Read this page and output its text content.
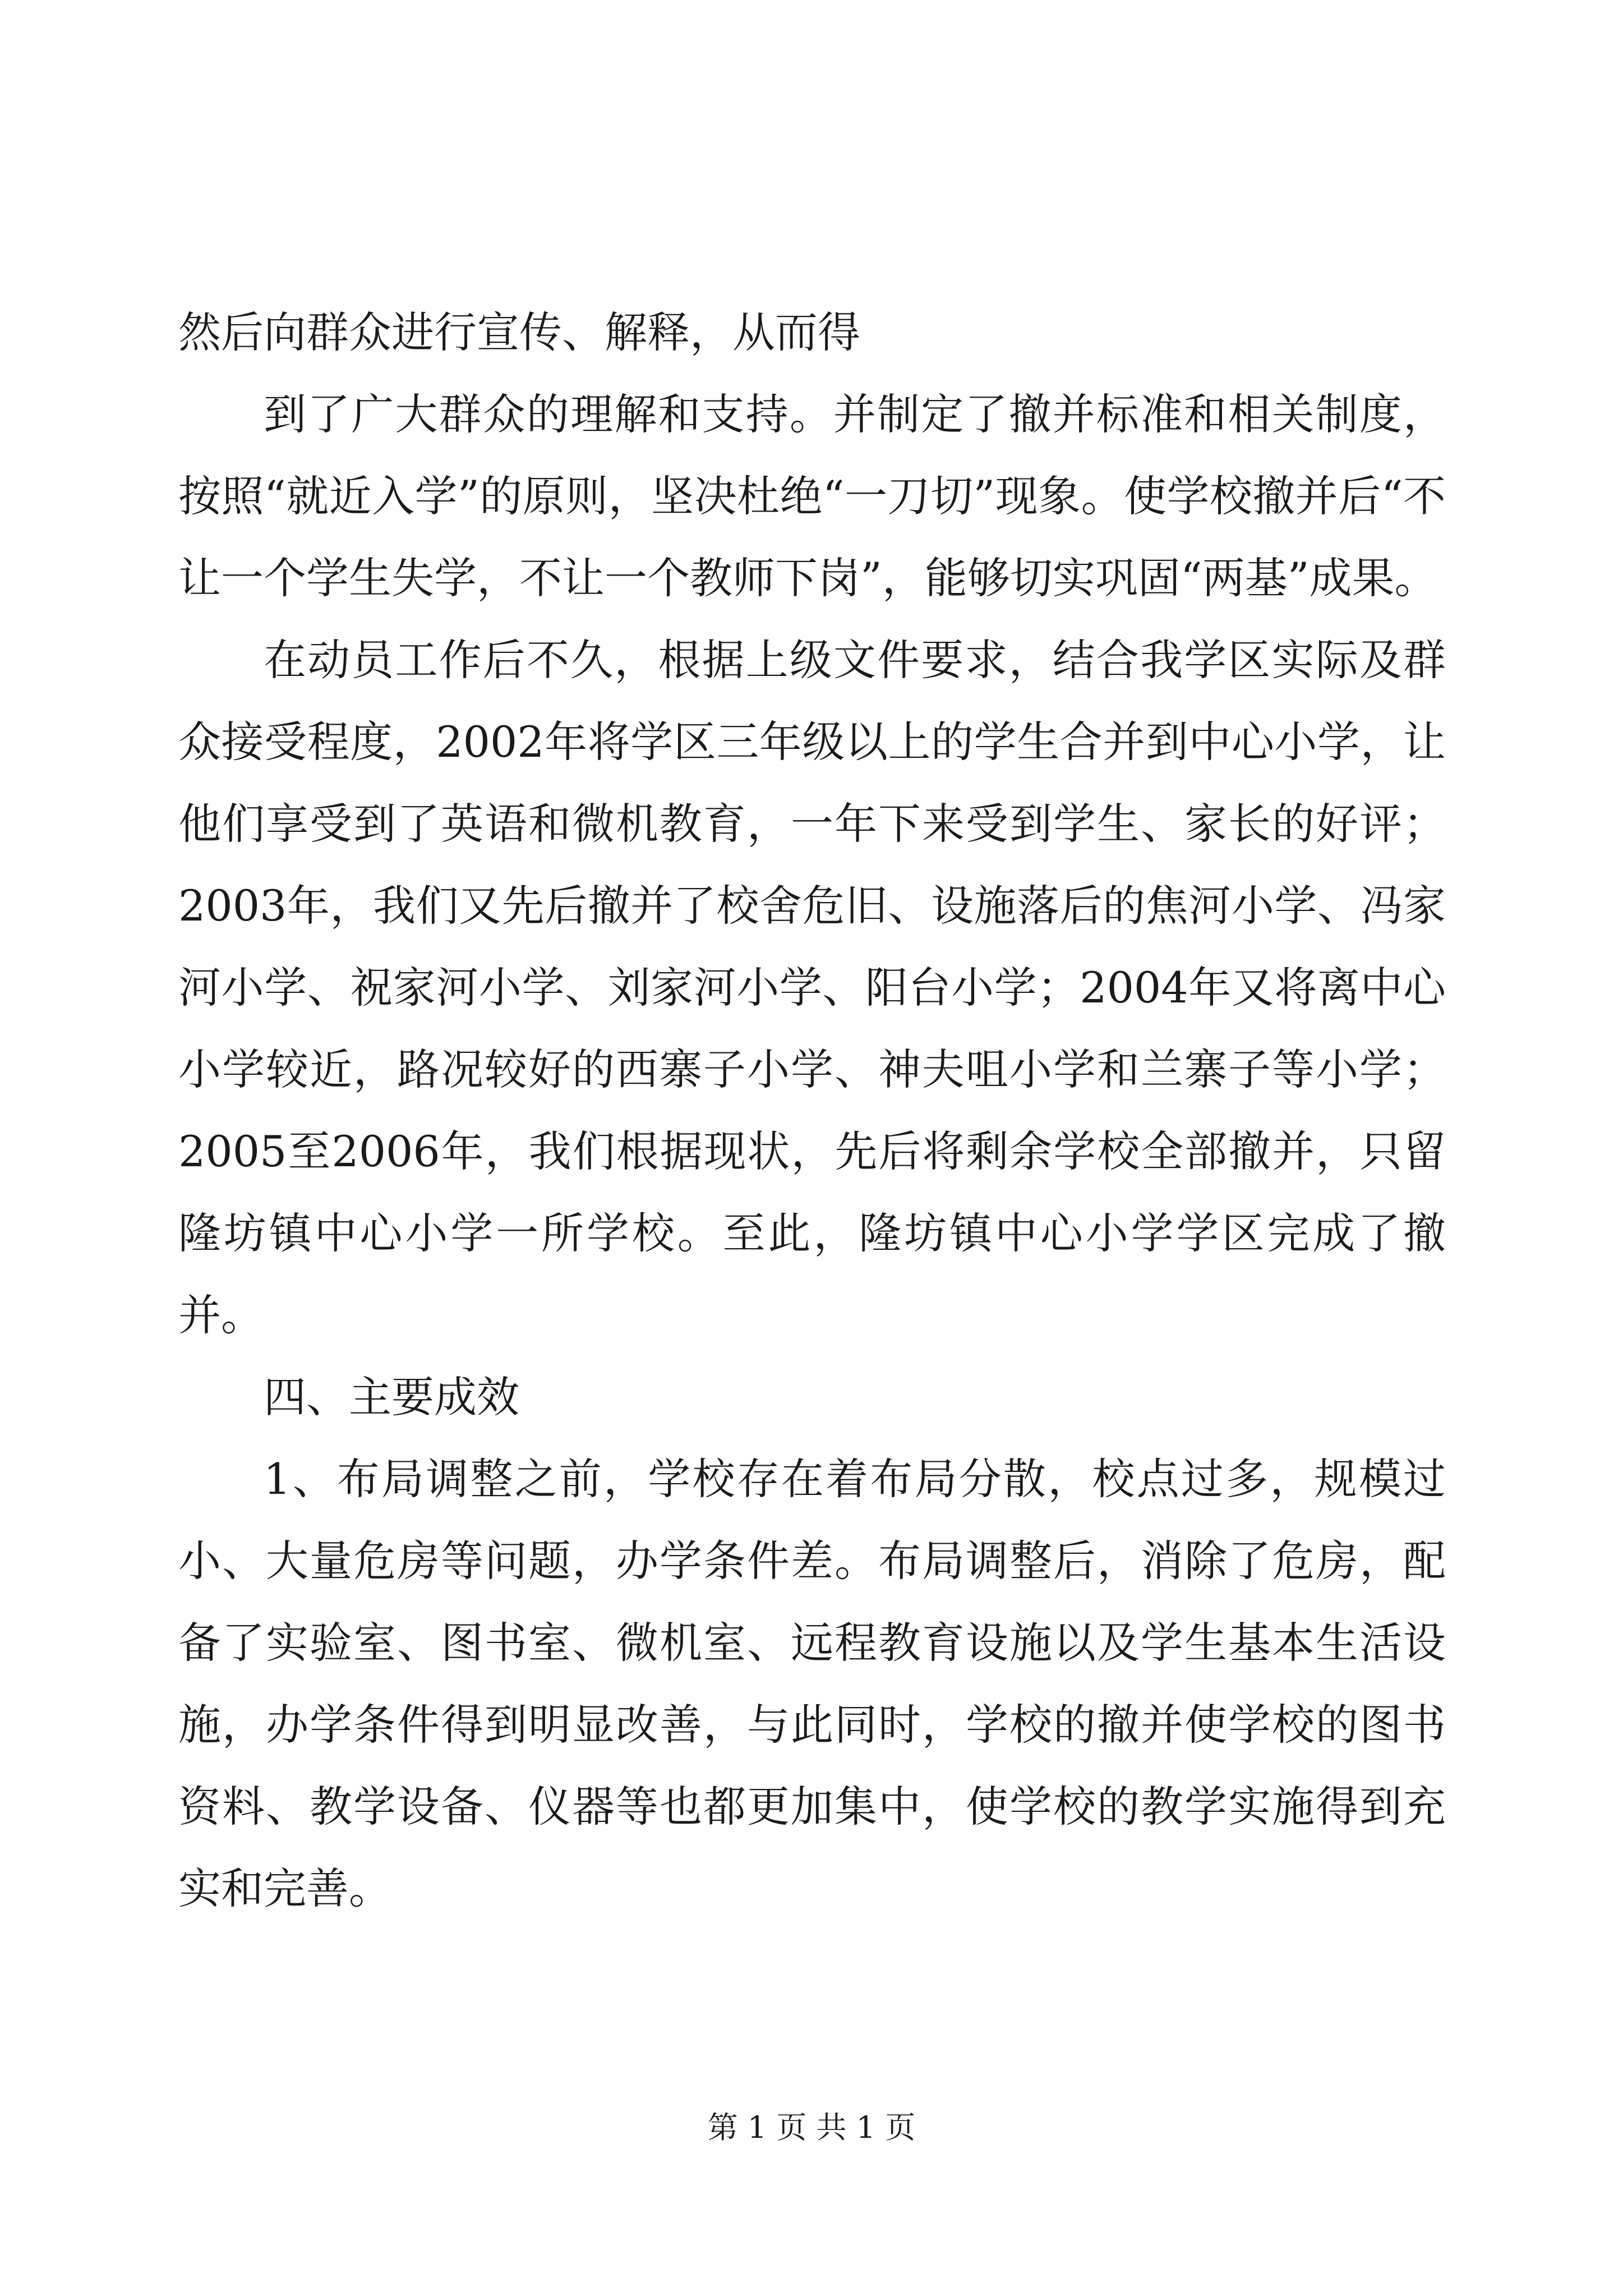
然后向群众进行宣传、解释，从而得

到了广大群众的理解和支持。并制定了撤并标准和相关制度，按照“就近入学”的原则，坚决杜绝“一刀切”现象。使学校撤并后“不让一个学生失学，不让一个教师下岗”，能够切实巩固“两基”成果。

在动员工作后不久，根据上级文件要求，结合我学区实际及群众接受程度，2002年将学区三年级以上的学生合并到中心小学，让他们享受到了英语和微机教育，一年下来受到学生、家长的好评；2003年，我们又先后撤并了校舍危旧、设施落后的焦河小学、冯家河小学、祝家河小学、刘家河小学、阳台小学；2004年又将离中心小学较近，路况较好的西寨子小学、神夫咀小学和兰寨子等小学；2005至2006年，我们根据现状，先后将剩余学校全部撤并，只留隆坊镇中心小学一所学校。至此，隆坊镇中心小学学区完成了撤并。

四、主要成效

1、布局调整之前，学校存在着布局分散，校点过多，规模过小、大量危房等问题，办学条件差。布局调整后，消除了危房，配备了实验室、图书室、微机室、远程教育设施以及学生基本生活设施，办学条件得到明显改善，与此同时，学校的撤并使学校的图书资料、教学设备、仪器等也都更加集中，使学校的教学实施得到充实和完善。

第 1 页 共 1 页
